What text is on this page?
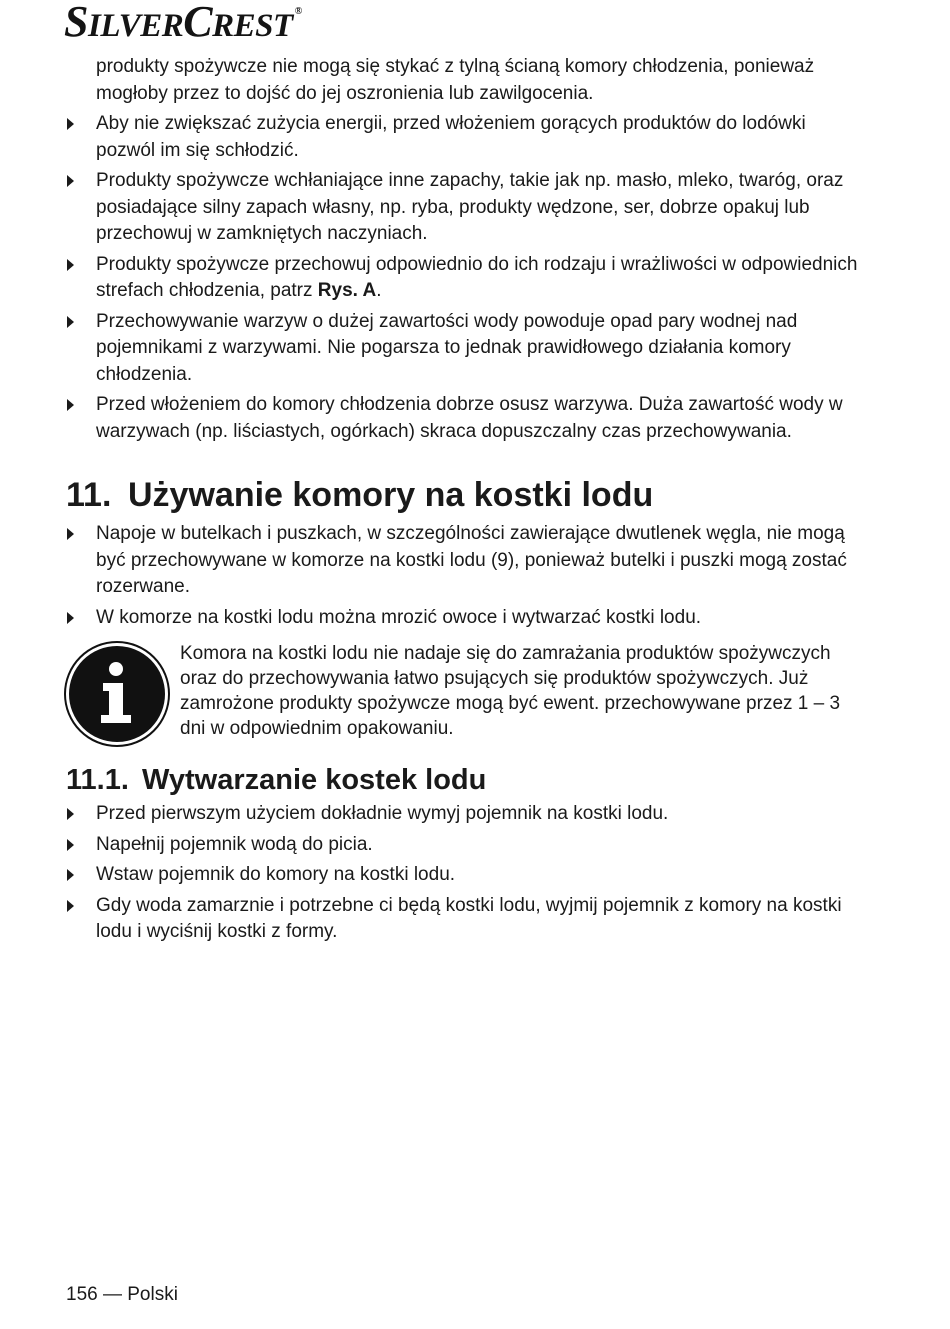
SILVERCREST ®

produkty spożywcze nie mogą się stykać z tylną ścianą komory chłodzenia, ponieważ mogłoby przez to dojść do jej oszronienia lub zawilgocenia.

Aby nie zwiększać zużycia energii, przed włożeniem gorących produktów do lodówki pozwól im się schłodzić.
Produkty spożywcze wchłaniające inne zapachy, takie jak np. masło, mleko, twaróg, oraz posiadające silny zapach własny, np. ryba, produkty wędzone, ser, dobrze opakuj lub przechowuj w zamkniętych naczyniach.
Produkty spożywcze przechowuj odpowiednio do ich rodzaju i wrażliwości w odpowiednich strefach chłodzenia, patrz Rys. A.
Przechowywanie warzyw o dużej zawartości wody powoduje opad pary wodnej nad pojemnikami z warzywami. Nie pogarsza to jednak prawidłowego działania komory chłodzenia.
Przed włożeniem do komory chłodzenia dobrze osusz warzywa. Duża zawartość wody w warzywach (np. liściastych, ogórkach) skraca dopuszczalny czas przechowywania.
11. Używanie komory na kostki lodu
Napoje w butelkach i puszkach, w szczególności zawierające dwutlenek węgla, nie mogą być przechowywane w komorze na kostki lodu (9), ponieważ butelki i puszki mogą zostać rozerwane.
W komorze na kostki lodu można mrozić owoce i wytwarzać kostki lodu.
Komora na kostki lodu nie nadaje się do zamrażania produktów spożywczych oraz do przechowywania łatwo psujących się produktów spożywczych. Już zamrożone produkty spożywcze mogą być ewent. przechowywane przez 1 – 3 dni w odpowiednim opakowaniu.
11.1. Wytwarzanie kostek lodu
Przed pierwszym użyciem dokładnie wymyj pojemnik na kostki lodu.
Napełnij pojemnik wodą do picia.
Wstaw pojemnik do komory na kostki lodu.
Gdy woda zamarznie i potrzebne ci będą kostki lodu, wyjmij pojemnik z komory na kostki lodu i wyciśnij kostki z formy.
156 — Polski
